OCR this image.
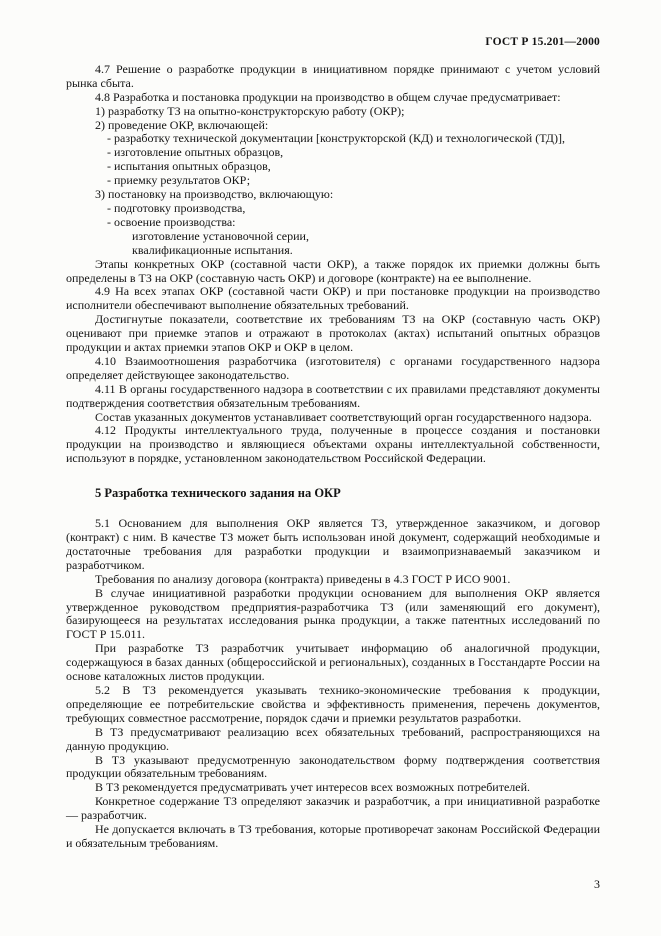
ГОСТ Р 15.201—2000

4.7 Решение о разработке продукции в инициативном порядке принимают с учетом условий рынка сбыта.

4.8 Разработка и постановка продукции на производство в общем случае предусматривает:

1) разработку ТЗ на опытно-конструкторскую работу (ОКР);

2) проведение ОКР, включающей:

- разработку технической документации [конструкторской (КД) и технологической (ТД)],

- изготовление опытных образцов,

- испытания опытных образцов,

- приемку результатов ОКР;

3) постановку на производство, включающую:

- подготовку производства,

- освоение производства:

изготовление установочной серии,

квалификационные испытания.

Этапы конкретных ОКР (составной части ОКР), а также порядок их приемки должны быть определены в ТЗ на ОКР (составную часть ОКР) и договоре (контракте) на ее выполнение.

4.9 На всех этапах ОКР (составной части ОКР) и при постановке продукции на производство исполнители обеспечивают выполнение обязательных требований.

Достигнутые показатели, соответствие их требованиям ТЗ на ОКР (составную часть ОКР) оценивают при приемке этапов и отражают в протоколах (актах) испытаний опытных образцов продукции и актах приемки этапов ОКР и ОКР в целом.

4.10 Взаимоотношения разработчика (изготовителя) с органами государственного надзора определяет действующее законодательство.

4.11 В органы государственного надзора в соответствии с их правилами представляют документы подтверждения соответствия обязательным требованиям.

Состав указанных документов устанавливает соответствующий орган государственного надзора.

4.12 Продукты интеллектуального труда, полученные в процессе создания и постановки продукции на производство и являющиеся объектами охраны интеллектуальной собственности, используют в порядке, установленном законодательством Российской Федерации.

5 Разработка технического задания на ОКР

5.1 Основанием для выполнения ОКР является ТЗ, утвержденное заказчиком, и договор (контракт) с ним. В качестве ТЗ может быть использован иной документ, содержащий необходимые и достаточные требования для разработки продукции и взаимопризнаваемый заказчиком и разработчиком.

Требования по анализу договора (контракта) приведены в 4.3 ГОСТ Р ИСО 9001.

В случае инициативной разработки продукции основанием для выполнения ОКР является утвержденное руководством предприятия-разработчика ТЗ (или заменяющий его документ), базирующееся на результатах исследования рынка продукции, а также патентных исследований по ГОСТ Р 15.011.

При разработке ТЗ разработчик учитывает информацию об аналогичной продукции, содержащуюся в базах данных (общероссийской и региональных), созданных в Госстандарте России на основе каталожных листов продукции.

5.2 В ТЗ рекомендуется указывать технико-экономические требования к продукции, определяющие ее потребительские свойства и эффективность применения, перечень документов, требующих совместное рассмотрение, порядок сдачи и приемки результатов разработки.

В ТЗ предусматривают реализацию всех обязательных требований, распространяющихся на данную продукцию.

В ТЗ указывают предусмотренную законодательством форму подтверждения соответствия продукции обязательным требованиям.

В ТЗ рекомендуется предусматривать учет интересов всех возможных потребителей.

Конкретное содержание ТЗ определяют заказчик и разработчик, а при инициативной разработке — разработчик.

Не допускается включать в ТЗ требования, которые противоречат законам Российской Федерации и обязательным требованиям.

3
